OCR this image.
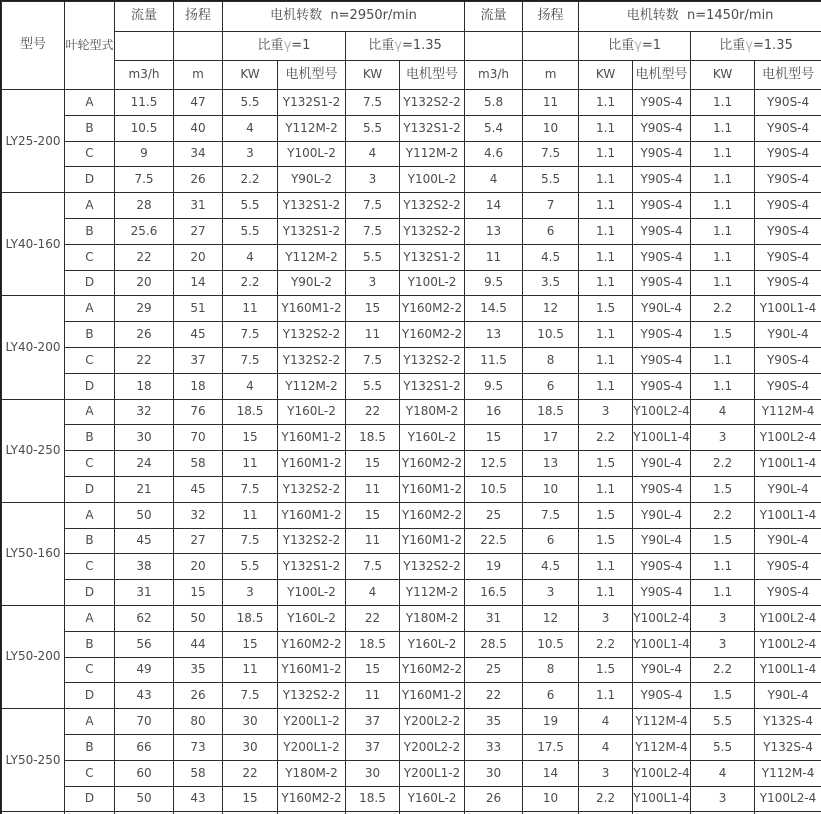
型号	叶轮型式	流量	扬程	电机转数  n=2950r/min				流量	扬程	电机转数  n=1450r/min			
				比重γ=1		比重γ=1.35				比重γ=1		比重γ=1.35	
		m3/h	m	KW	电机型号	KW	电机型号	m3/h	m	KW	电机型号	KW	电机型号
LY25-200	A	11.5	47	5.5	Y132S1-2	7.5	Y132S2-2	5.8	11	1.1	Y90S-4	1.1	Y90S-4
	B	10.5	40	4	Y112M-2	5.5	Y132S1-2	5.4	10	1.1	Y90S-4	1.1	Y90S-4
	C	9	34	3	Y100L-2	4	Y112M-2	4.6	7.5	1.1	Y90S-4	1.1	Y90S-4
	D	7.5	26	2.2	Y90L-2	3	Y100L-2	4	5.5	1.1	Y90S-4	1.1	Y90S-4
LY40-160	A	28	31	5.5	Y132S1-2	7.5	Y132S2-2	14	7	1.1	Y90S-4	1.1	Y90S-4
	B	25.6	27	5.5	Y132S1-2	7.5	Y132S2-2	13	6	1.1	Y90S-4	1.1	Y90S-4
	C	22	20	4	Y112M-2	5.5	Y132S1-2	11	4.5	1.1	Y90S-4	1.1	Y90S-4
	D	20	14	2.2	Y90L-2	3	Y100L-2	9.5	3.5	1.1	Y90S-4	1.1	Y90S-4
LY40-200	A	29	51	11	Y160M1-2	15	Y160M2-2	14.5	12	1.5	Y90L-4	2.2	Y100L1-4
	B	26	45	7.5	Y132S2-2	11	Y160M2-2	13	10.5	1.1	Y90S-4	1.5	Y90L-4
	C	22	37	7.5	Y132S2-2	7.5	Y132S2-2	11.5	8	1.1	Y90S-4	1.1	Y90S-4
	D	18	18	4	Y112M-2	5.5	Y132S1-2	9.5	6	1.1	Y90S-4	1.1	Y90S-4
LY40-250	A	32	76	18.5	Y160L-2	22	Y180M-2	16	18.5	3	Y100L2-4	4	Y112M-4
	B	30	70	15	Y160M1-2	18.5	Y160L-2	15	17	2.2	Y100L1-4	3	Y100L2-4
	C	24	58	11	Y160M1-2	15	Y160M2-2	12.5	13	1.5	Y90L-4	2.2	Y100L1-4
	D	21	45	7.5	Y132S2-2	11	Y160M1-2	10.5	10	1.1	Y90S-4	1.5	Y90L-4
LY50-160	A	50	32	11	Y160M1-2	15	Y160M2-2	25	7.5	1.5	Y90L-4	2.2	Y100L1-4
	B	45	27	7.5	Y132S2-2	11	Y160M1-2	22.5	6	1.5	Y90L-4	1.5	Y90L-4
	C	38	20	5.5	Y132S1-2	7.5	Y132S2-2	19	4.5	1.1	Y90S-4	1.1	Y90S-4
	D	31	15	3	Y100L-2	4	Y112M-2	16.5	3	1.1	Y90S-4	1.1	Y90S-4
LY50-200	A	62	50	18.5	Y160L-2	22	Y180M-2	31	12	3	Y100L2-4	3	Y100L2-4
	B	56	44	15	Y160M2-2	18.5	Y160L-2	28.5	10.5	2.2	Y100L1-4	3	Y100L2-4
	C	49	35	11	Y160M1-2	15	Y160M2-2	25	8	1.5	Y90L-4	2.2	Y100L1-4
	D	43	26	7.5	Y132S2-2	11	Y160M1-2	22	6	1.1	Y90S-4	1.5	Y90L-4
LY50-250	A	70	80	30	Y200L1-2	37	Y200L2-2	35	19	4	Y112M-4	5.5	Y132S-4
	B	66	73	30	Y200L1-2	37	Y200L2-2	33	17.5	4	Y112M-4	5.5	Y132S-4
	C	60	58	22	Y180M-2	30	Y200L1-2	30	14	3	Y100L2-4	4	Y112M-4
	D	50	43	15	Y160M2-2	18.5	Y160L-2	26	10	2.2	Y100L1-4	3	Y100L2-4
